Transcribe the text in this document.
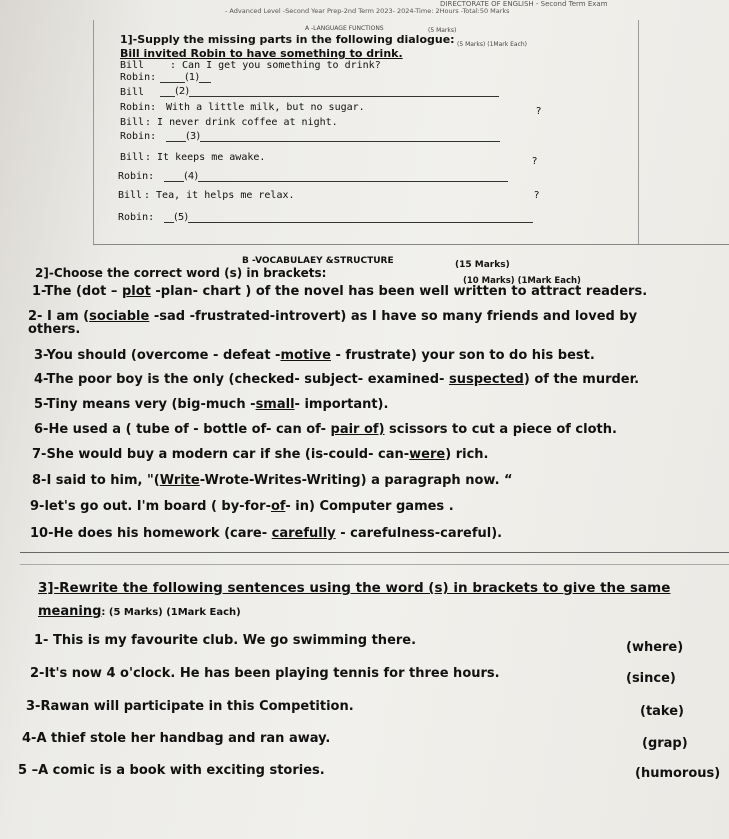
DIRECTORATE OF ENGLISH - Second Term Exam
- Advanced Level -Second Year Prep-2nd Term 2023- 2024-Time: 2Hours -Total:50 Marks
A -LANGUAGE FUNCTIONS	(5 Marks)
1]-Supply the missing parts in the following dialogue: (5 Marks) (1Mark Each)
Bill invited Robin to have something to drink.
Bill	: Can I get you something to drink?
Robin:	(1)
Bill	(2)
Robin: With a little milk, but no sugar.	?
Bill : I never drink coffee at night.
Robin:	(3)
?
Bill : It keeps me awake.
Robin:	(4)
?
Bill : Tea, it helps me relax.
Robin:	(5)
B -VOCABULAEY &STRUCTURE	(15 Marks)
2]-Choose the correct word (s) in brackets:
(10 Marks) (1Mark Each)
1-The (dot – plot -plan- chart ) of the novel has been well written to attract readers.
2- I am (sociable -sad -frustrated-introvert) as I have so many friends and loved by
others.
3-You should (overcome - defeat -motive - frustrate) your son to do his best.
4-The poor boy is the only (checked- subject- examined- suspected) of the murder.
5-Tiny means very (big-much -small- important).
6-He used a ( tube of - bottle of- can of- pair of) scissors to cut a piece of cloth.
7-She would buy a modern car if she (is-could- can-were) rich.
8-I said to him, "(Write-Wrote-Writes-Writing) a paragraph now. “
9-let's go out. I'm board ( by-for-of- in) Computer games .
10-He does his homework (care- carefully - carefulness-careful).
3]-Rewrite the following sentences using the word (s) in brackets to give the same
meaning: (5 Marks) (1Mark Each)
1- This is my favourite club. We go swimming there.	(where)
2-It's now 4 o'clock. He has been playing tennis for three hours.	(since)
3-Rawan will participate in this Competition.	(take)
4-A thief stole her handbag and ran away.	(grap)
5 –A comic is a book with exciting stories.	(humorous)
